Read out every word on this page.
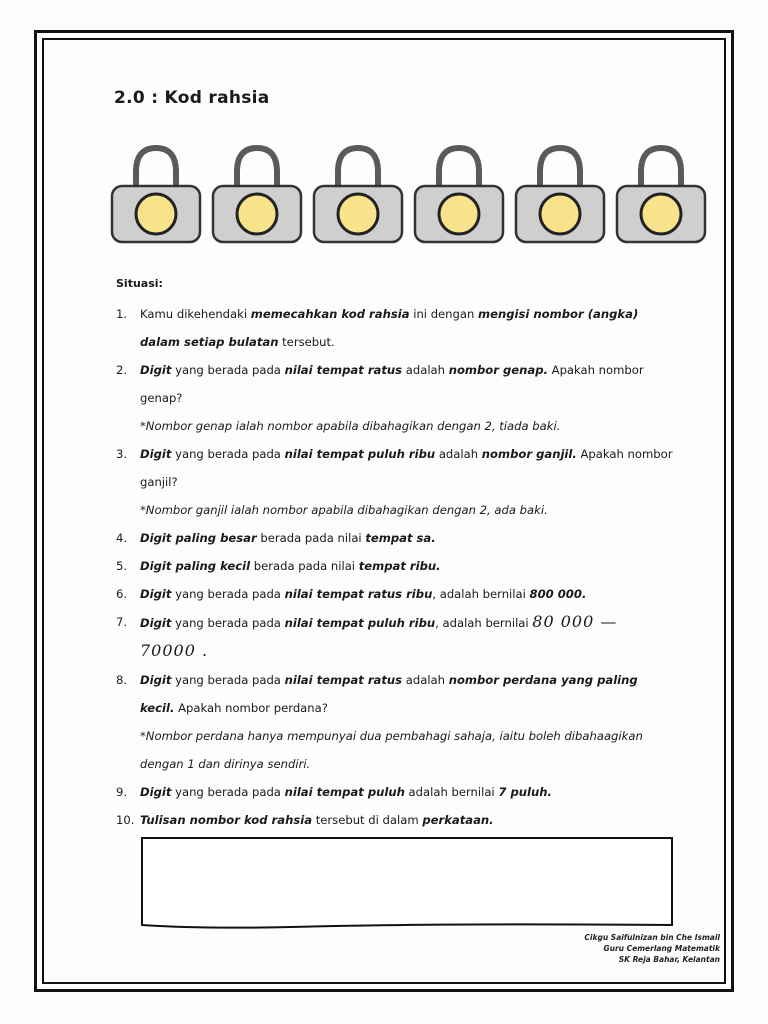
2.0 : Kod rahsia
Situasi:
1. Kamu dikehendaki memecahkan kod rahsia ini dengan mengisi nombor (angka) dalam setiap bulatan tersebut.
2. Digit yang berada pada nilai tempat ratus adalah nombor genap. Apakah nombor genap?
*Nombor genap ialah nombor apabila dibahagikan dengan 2, tiada baki.
3. Digit yang berada pada nilai tempat puluh ribu adalah nombor ganjil. Apakah nombor ganjil?
*Nombor ganjil ialah nombor apabila dibahagikan dengan 2, ada baki.
4. Digit paling besar berada pada nilai tempat sa.
5. Digit paling kecil berada pada nilai tempat ribu.
6. Digit yang berada pada nilai tempat ratus ribu, adalah bernilai 800 000.
7. Digit yang berada pada nilai tempat puluh ribu, adalah bernilai 80 000 —
70000 .
8. Digit yang berada pada nilai tempat ratus adalah nombor perdana yang paling kecil. Apakah nombor perdana?
*Nombor perdana hanya mempunyai dua pembahagi sahaja, iaitu boleh dibahaagikan dengan 1 dan dirinya sendiri.
9. Digit yang berada pada nilai tempat puluh adalah bernilai 7 puluh.
10. Tulisan nombor kod rahsia tersebut di dalam perkataan.
Cikgu Saifulnizan bin Che Ismail
Guru Cemerlang Matematik
SK Reja Bahar, Kelantan
